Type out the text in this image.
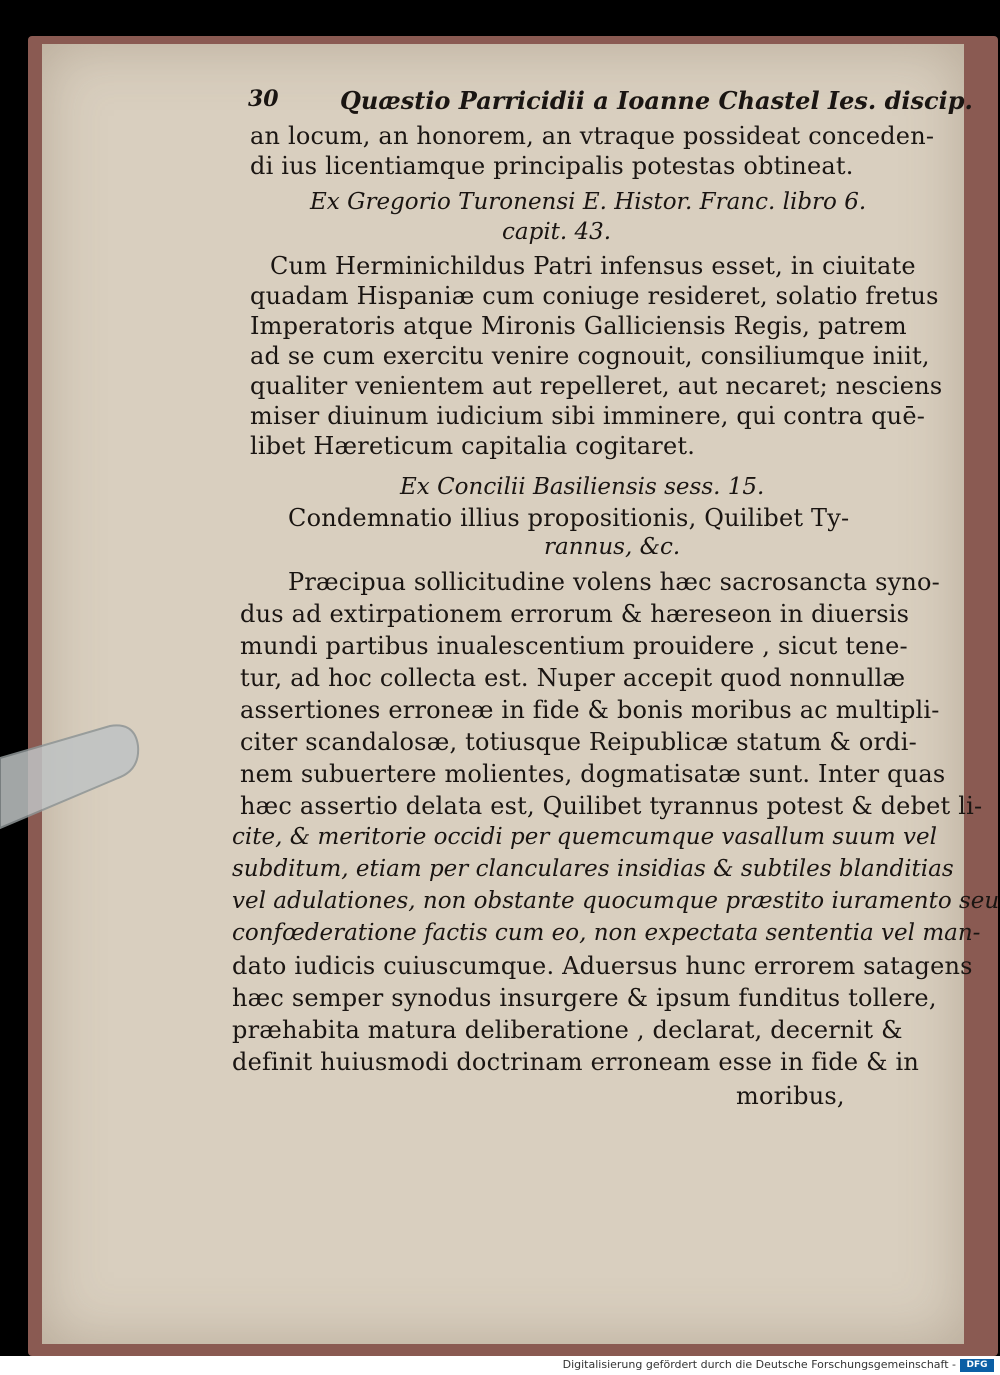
30	Quæstio Parricidii a Ioanne Chastel Ies. discip.
an locum, an honorem, an vtraque possideat conceden-
di ius licentiamque principalis potestas obtineat.
Ex Gregorio Turonensi E. Histor. Franc. libro 6.
capit. 43.
Cum Herminichildus Patri infensus esset, in ciuitate
quadam Hispaniæ cum coniuge resideret, solatio fretus
Imperatoris atque Mironis Galliciensis Regis, patrem
ad se cum exercitu venire cognouit, consiliumque iniit,
qualiter venientem aut repelleret, aut necaret; nesciens
miser diuinum iudicium sibi imminere, qui contra quē-
libet Hæreticum capitalia cogitaret.
Ex Concilii Basiliensis sess. 15.
Condemnatio illius propositionis, Quilibet Ty-
rannus, &c.
Præcipua sollicitudine volens hæc sacrosancta syno-
dus ad extirpationem errorum & hæreseon in diuersis
mundi partibus inualescentium prouidere , sicut tene-
tur, ad hoc collecta est. Nuper accepit quod nonnullæ
assertiones erroneæ in fide & bonis moribus ac multipli-
citer scandalosæ, totiusque Reipublicæ statum & ordi-
nem subuertere molientes, dogmatisatæ sunt. Inter quas
hæc assertio delata est, Quilibet tyrannus potest & debet li-
cite, & meritorie occidi per quemcumque vasallum suum vel
subditum, etiam per clanculares insidias & subtiles blanditias
vel adulationes, non obstante quocumque præstito iuramento seu
confœderatione factis cum eo, non expectata sententia vel man-
dato iudicis cuiuscumque. Aduersus hunc errorem satagens
hæc semper synodus insurgere & ipsum funditus tollere,
præhabita matura deliberatione , declarat, decernit &
definit huiusmodi doctrinam erroneam esse in fide & in
moribus,
Digitalisierung gefördert durch die Deutsche Forschungsgemeinschaft -	DFG
